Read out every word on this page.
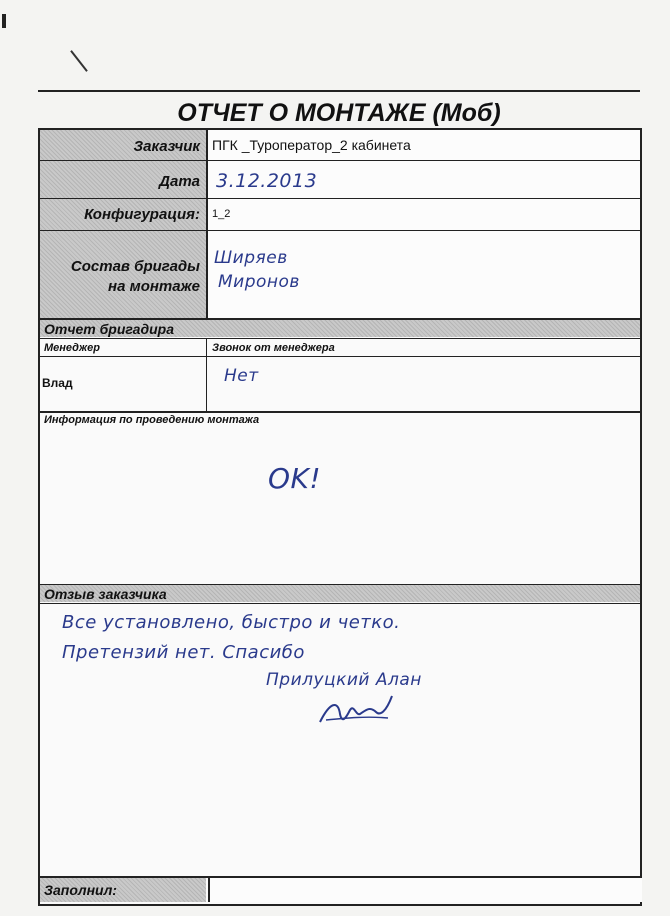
ОТЧЕТ О МОНТАЖЕ (Моб)
Заказчик
Дата
Конфигурация:
Состав бригады
на монтаже
ПГК _Туроператор_2 кабинета
3.12.2013
1_2
Ширяев
Миронов
Отчет бригадира
Менеджер	Звонок от менеджера
Влад	Нет
Информация по проведению монтажа
OK!
Отзыв заказчика
Все установлено, быстро и четко.
Претензий нет. Спасибо
Прилуцкий Алан
Заполнил:
